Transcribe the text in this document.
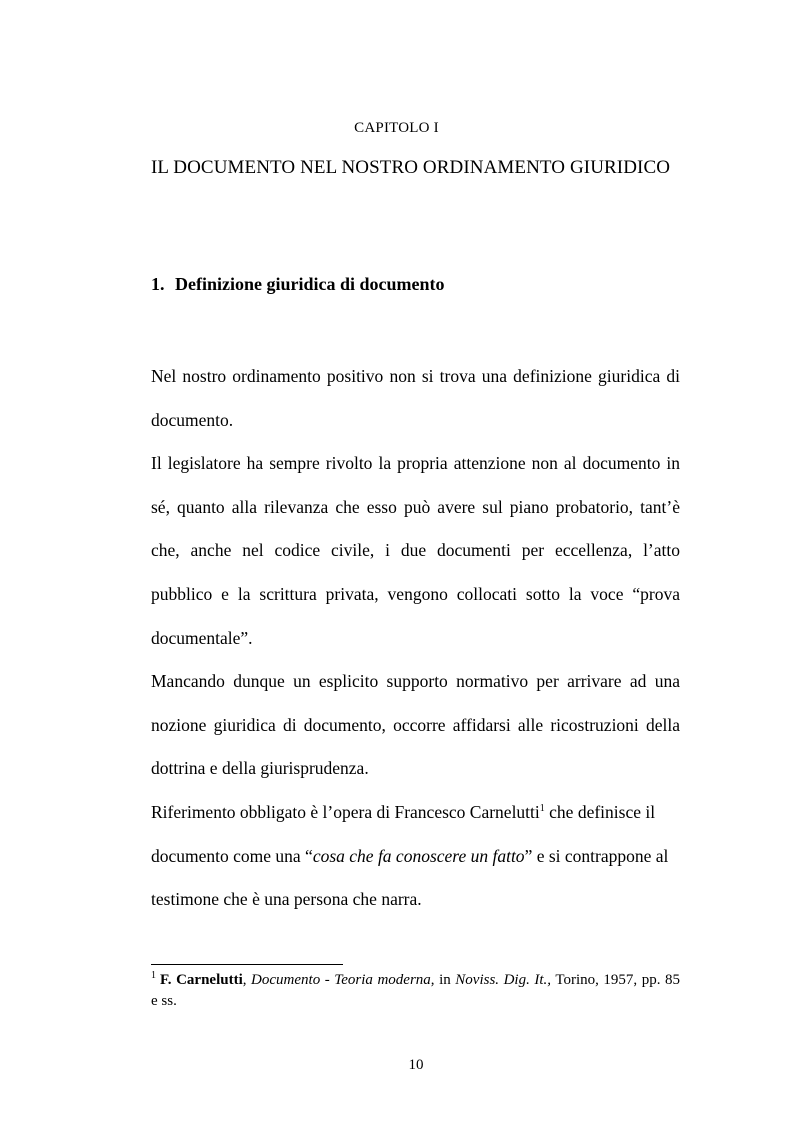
CAPITOLO I
IL DOCUMENTO NEL NOSTRO ORDINAMENTO GIURIDICO
1. Definizione giuridica di documento

Nel nostro ordinamento positivo non si trova una definizione giuridica di documento.

Il legislatore ha sempre rivolto la propria attenzione non al documento in sé, quanto alla rilevanza che esso può avere sul piano probatorio, tant’è che, anche nel codice civile, i due documenti per eccellenza, l’atto pubblico e la scrittura privata, vengono collocati sotto la voce “prova documentale”.

Mancando dunque un esplicito supporto normativo per arrivare ad una nozione giuridica di documento, occorre affidarsi alle ricostruzioni della dottrina e della giurisprudenza.

Riferimento obbligato è l’opera di Francesco Carnelutti$^1$ che definisce il documento come una “cosa che fa conoscere un fatto” e si contrappone al testimone che è una persona che narra.

$^1$ F. Carnelutti, Documento - Teoria moderna, in Noviss. Dig. It., Torino, 1957, pp. 85 e ss.
10
